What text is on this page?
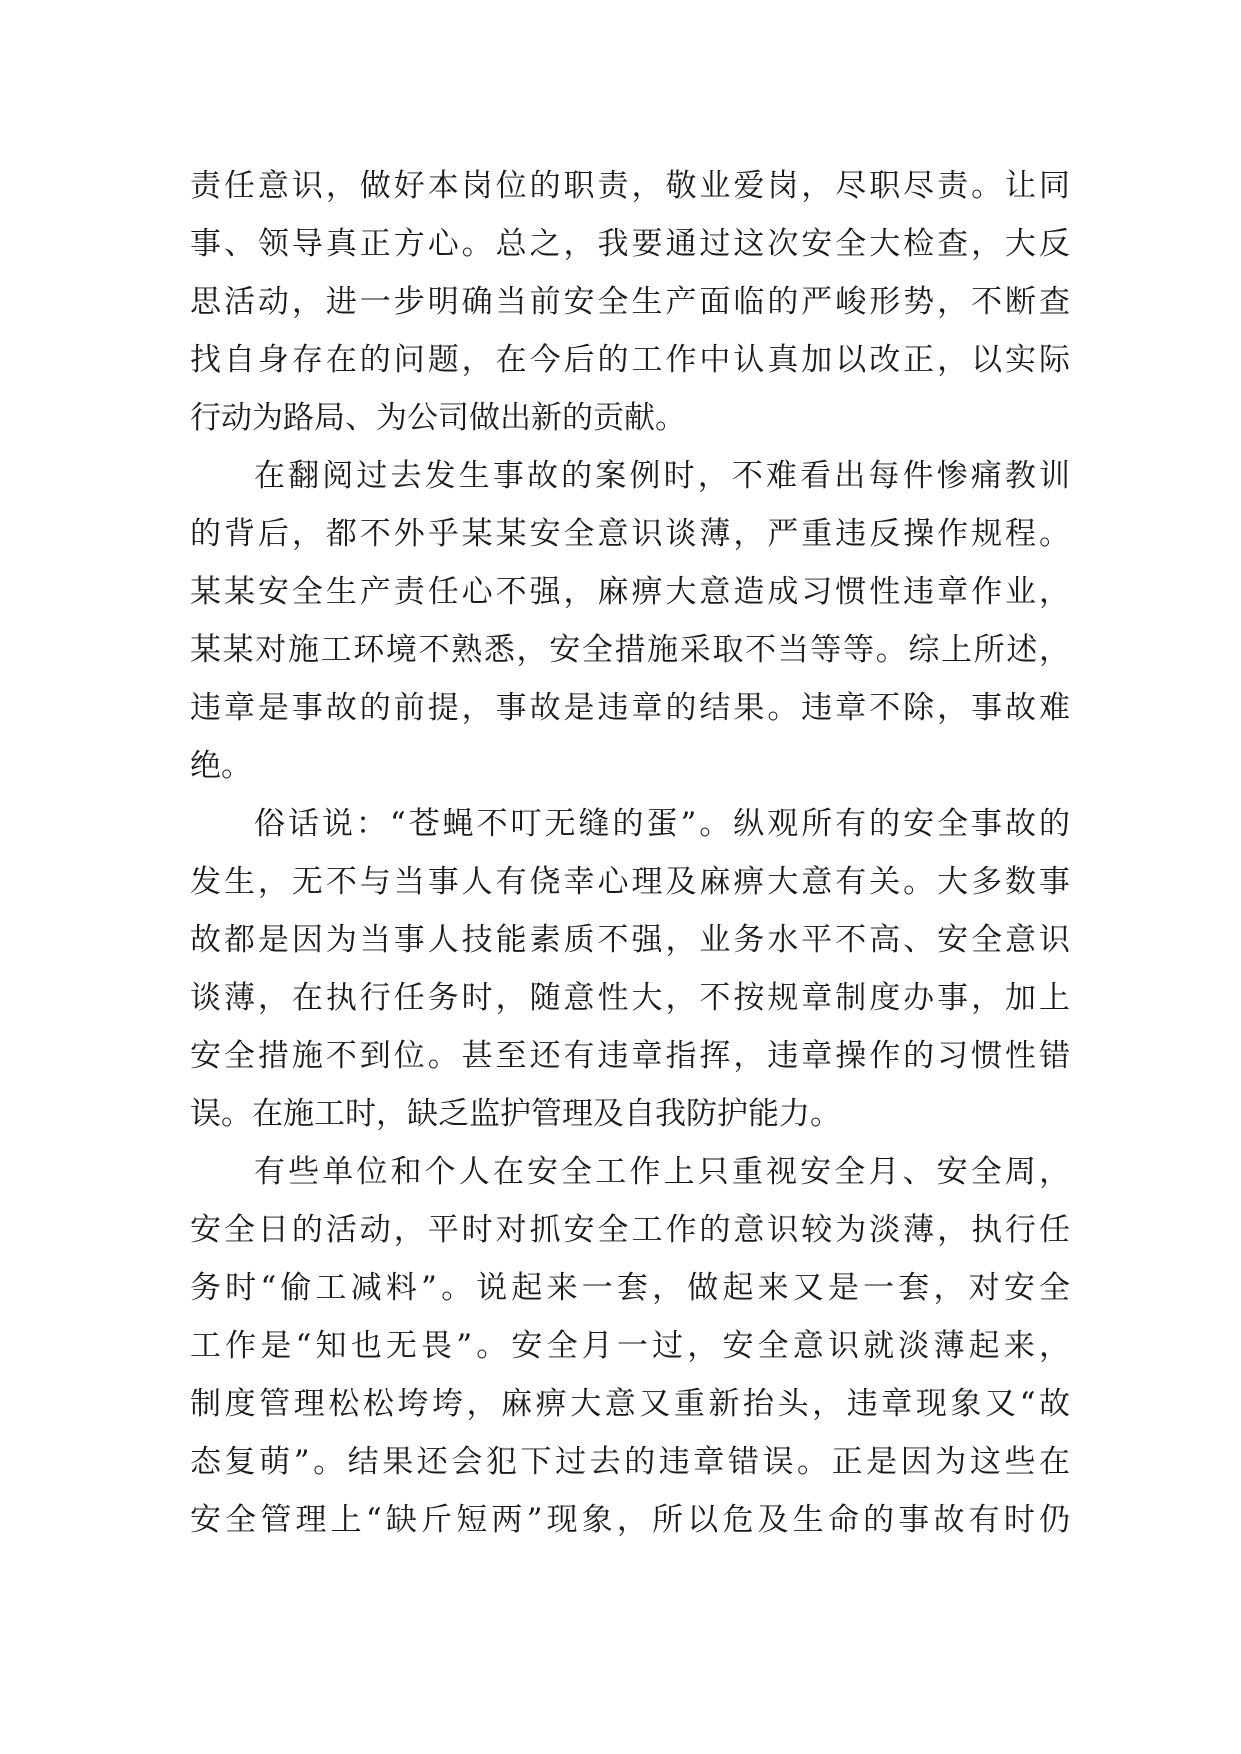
责任意识，做好本岗位的职责，敬业爱岗，尽职尽责。让同
事、领导真正方心。总之，我要通过这次安全大检查，大反
思活动，进一步明确当前安全生产面临的严峻形势，不断查
找自身存在的问题，在今后的工作中认真加以改正，以实际
行动为路局、为公司做出新的贡献。
在翻阅过去发生事故的案例时，不难看出每件惨痛教训
的背后，都不外乎某某安全意识谈薄，严重违反操作规程。
某某安全生产责任心不强，麻痹大意造成习惯性违章作业，
某某对施工环境不熟悉，安全措施采取不当等等。综上所述，
违章是事故的前提，事故是违章的结果。违章不除，事故难
绝。
俗话说：“苍蝇不叮无缝的蛋”。纵观所有的安全事故的
发生，无不与当事人有侥幸心理及麻痹大意有关。大多数事
故都是因为当事人技能素质不强，业务水平不高、安全意识
谈薄，在执行任务时，随意性大，不按规章制度办事，加上
安全措施不到位。甚至还有违章指挥，违章操作的习惯性错
误。在施工时，缺乏监护管理及自我防护能力。
有些单位和个人在安全工作上只重视安全月、安全周，
安全日的活动，平时对抓安全工作的意识较为淡薄，执行任
务时“偷工减料”。说起来一套，做起来又是一套，对安全
工作是“知也无畏”。安全月一过，安全意识就淡薄起来，
制度管理松松垮垮，麻痹大意又重新抬头，违章现象又“故
态复萌”。结果还会犯下过去的违章错误。正是因为这些在
安全管理上“缺斤短两”现象，所以危及生命的事故有时仍
